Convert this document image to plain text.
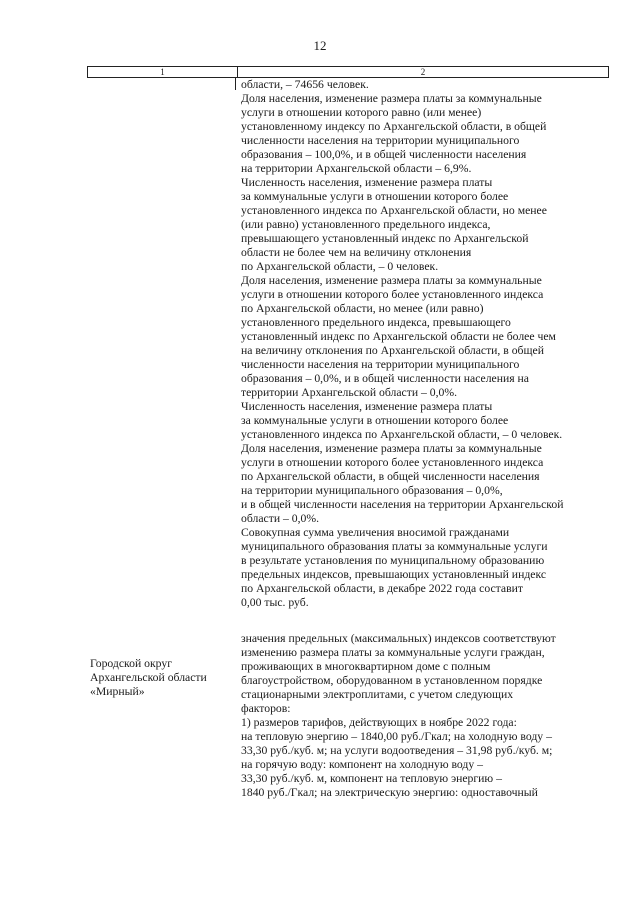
12
1	2
Городской округ
Архангельской области
«Мирный»
области, – 74656 человек.
Доля населения, изменение размера платы за коммунальные
услуги в отношении которого равно (или менее)
установленному индексу по Архангельской области, в общей
численности населения на территории муниципального
образования – 100,0%, и в общей численности населения
на территории Архангельской области – 6,9%.
Численность населения, изменение размера платы
за коммунальные услуги в отношении которого более
установленного индекса по Архангельской области, но менее
(или равно) установленного предельного индекса,
превышающего установленный индекс по Архангельской
области не более чем на величину отклонения
по Архангельской области, – 0 человек.
Доля населения, изменение размера платы за коммунальные
услуги в отношении которого более установленного индекса
по Архангельской области, но менее (или равно)
установленного предельного индекса, превышающего
установленный индекс по Архангельской области не более чем
на величину отклонения по Архангельской области, в общей
численности населения на территории муниципального
образования – 0,0%, и в общей численности населения на
территории Архангельской области – 0,0%.
Численность населения, изменение размера платы
за коммунальные услуги в отношении которого более
установленного индекса по Архангельской области, – 0 человек.
Доля населения, изменение размера платы за коммунальные
услуги в отношении которого более установленного индекса
по Архангельской области, в общей численности населения
на территории муниципального образования – 0,0%,
и в общей численности населения на территории Архангельской
области – 0,0%.
Совокупная сумма увеличения вносимой гражданами
муниципального образования платы за коммунальные услуги
в результате установления по муниципальному образованию
предельных индексов, превышающих установленный индекс
по Архангельской области, в декабре 2022 года составит
0,00 тыс. руб.
значения предельных (максимальных) индексов соответствуют
изменению размера платы за коммунальные услуги граждан,
проживающих в многоквартирном доме с полным
благоустройством, оборудованном в установленном порядке
стационарными электроплитами, с учетом следующих
факторов:
1) размеров тарифов, действующих в ноябре 2022 года:
на тепловую энергию – 1840,00 руб./Гкал; на холодную воду –
33,30 руб./куб. м; на услуги водоотведения – 31,98 руб./куб. м;
на горячую воду: компонент на холодную воду –
33,30 руб./куб. м, компонент на тепловую энергию –
1840 руб./Гкал; на электрическую энергию: одноставочный
